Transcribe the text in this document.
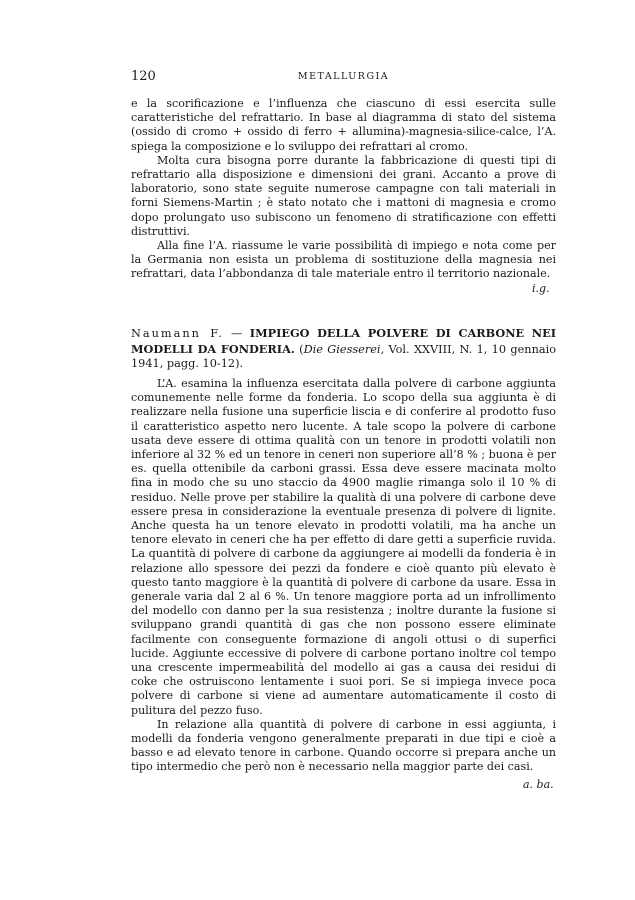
120	METALLURGIA

e la scorificazione e l’influenza che ciascuno di essi esercita sulle caratteristiche del refrattario. In base al diagramma di stato del sistema (ossido di cromo + ossido di ferro + allumina)-magnesia-silice-calce, l’A. spiega la composizione e lo sviluppo dei refrattari al cromo.

Molta cura bisogna porre durante la fabbricazione di questi tipi di refrattario alla disposizione e dimensioni dei grani. Accanto a prove di laboratorio, sono state seguite numerose campagne con tali materiali in forni Siemens-Martin ; è stato notato che i mattoni di magnesia e cromo dopo prolungato uso subiscono un fenomeno di stratificazione con effetti distruttivi.

Alla fine l’A. riassume le varie possibilità di impiego e nota come per la Germania non esista un problema di sostituzione della magnesia nei refrattari, data l’abbondanza di tale materiale entro il territorio nazionale.

i.g.
Naumann F. — IMPIEGO DELLA POLVERE DI CARBONE NEI MODELLI DA FONDERIA. (Die Giesserei, Vol. XXVIII, N. 1, 10 gennaio 1941, pagg. 10-12).

L’A. esamina la influenza esercitata dalla polvere di carbone aggiunta comunemente nelle forme da fonderia. Lo scopo della sua aggiunta è di realizzare nella fusione una superficie liscia e di conferire al prodotto fuso il caratteristico aspetto nero lucente. A tale scopo la polvere di carbone usata deve essere di ottima qualità con un tenore in prodotti volatili non inferiore al 32 % ed un tenore in ceneri non superiore all’8 % ; buona è per es. quella ottenibile da carboni grassi. Essa deve essere macinata molto fina in modo che su uno staccio da 4900 maglie rimanga solo il 10 % di residuo. Nelle prove per stabilire la qualità di una polvere di carbone deve essere presa in considerazione la eventuale presenza di polvere di lignite. Anche questa ha un tenore elevato in prodotti volatili, ma ha anche un tenore elevato in ceneri che ha per effetto di dare getti a superficie ruvida. La quantità di polvere di carbone da aggiungere ai modelli da fonderia è in relazione allo spessore dei pezzi da fondere e cioè quanto più elevato è questo tanto maggiore è la quantità di polvere di carbone da usare. Essa in generale varia dal 2 al 6 %. Un tenore maggiore porta ad un infrollimento del modello con danno per la sua resistenza ; inoltre durante la fusione si sviluppano grandi quantità di gas che non possono essere eliminate facilmente con conseguente formazione di angoli ottusi o di superfici lucide. Aggiunte eccessive di polvere di carbone portano inoltre col tempo una crescente impermeabilità del modello ai gas a causa dei residui di coke che ostruiscono lentamente i suoi pori. Se si impiega invece poca polvere di carbone si viene ad aumentare automaticamente il costo di pulitura del pezzo fuso.

In relazione alla quantità di polvere di carbone in essi aggiunta, i modelli da fonderia vengono generalmente preparati in due tipi e cioè a basso e ad elevato tenore in carbone. Quando occorre si prepara anche un tipo intermedio che però non è necessario nella maggior parte dei casi.

a. ba.
